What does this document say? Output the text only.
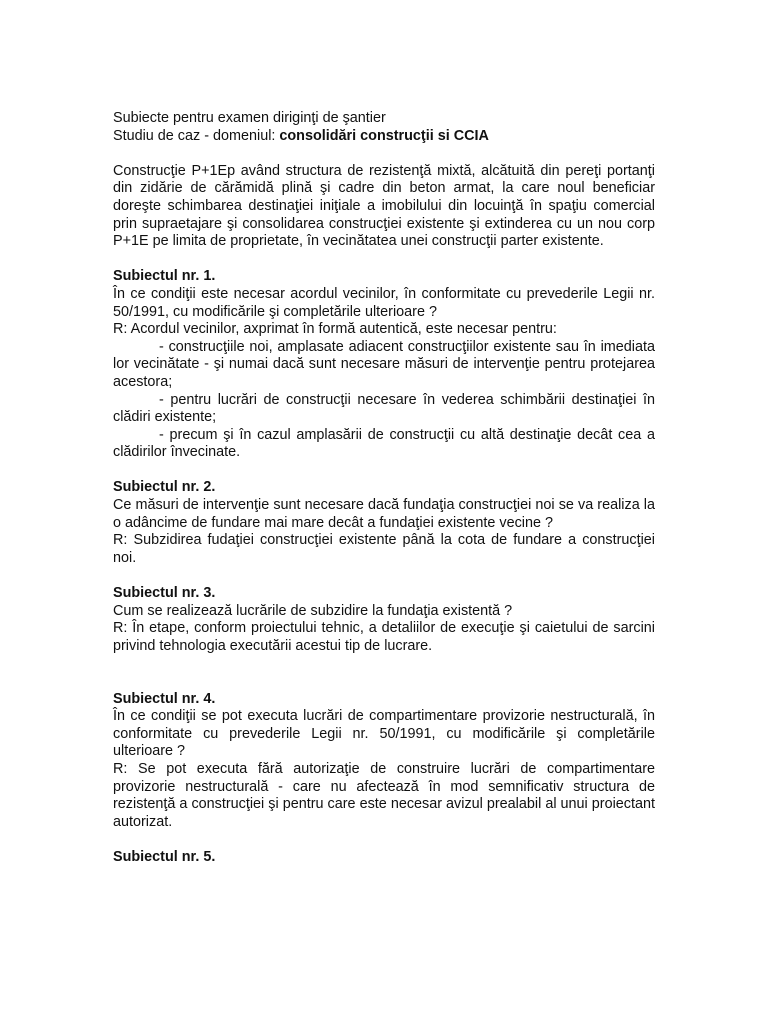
Subiecte pentru examen diriginţi de şantier

Studiu de caz - domeniul: consolidări construcţii si CCIA

Construcţie P+1Ep având structura de rezistenţă mixtă, alcătuită din pereţi portanţi din zidărie de cărămidă plină şi cadre din beton armat, la care noul beneficiar doreşte schimbarea destinaţiei iniţiale a imobilului din locuinţă în spaţiu comercial prin supraetajare şi consolidarea construcţiei existente şi extinderea cu un nou corp P+1E pe limita de proprietate, în vecinătatea unei construcţii parter existente.

Subiectul nr. 1.

În ce condiţii este necesar acordul vecinilor, în conformitate cu prevederile Legii nr. 50/1991, cu modificările şi completările ulterioare ?

R: Acordul vecinilor, axprimat în formă autentică, este necesar pentru:

- construcţiile noi, amplasate adiacent construcţiilor existente sau în imediata lor vecinătate - şi numai dacă sunt necesare măsuri de intervenţie pentru protejarea acestora;

- pentru lucrări de construcţii necesare în vederea schimbării destinaţiei în clădiri existente;

- precum şi în cazul amplasării de construcţii cu altă destinaţie decât cea a clădirilor învecinate.

Subiectul nr. 2.

Ce măsuri de intervenţie sunt necesare dacă fundaţia construcţiei noi se va realiza la o adâncime de fundare mai mare decât a fundaţiei existente vecine ?

R: Subzidirea fudaţiei construcţiei existente până la cota de fundare a construcţiei noi.

Subiectul nr. 3.

Cum se realizează lucrările de subzidire la fundaţia existentă ?

R: În etape, conform proiectului tehnic, a detaliilor de execuţie şi caietului de sarcini privind tehnologia executării acestui tip de lucrare.

Subiectul nr. 4.

În ce condiţii se pot executa lucrări de compartimentare provizorie nestructurală, în conformitate cu prevederile Legii nr. 50/1991, cu modificările şi completările ulterioare ?

R: Se pot executa fără autorizaţie de construire lucrări de compartimentare provizorie nestructurală - care nu afectează în mod semnificativ structura de rezistenţă a construcţiei şi pentru care este necesar avizul prealabil al unui proiectant autorizat.

Subiectul nr. 5.
